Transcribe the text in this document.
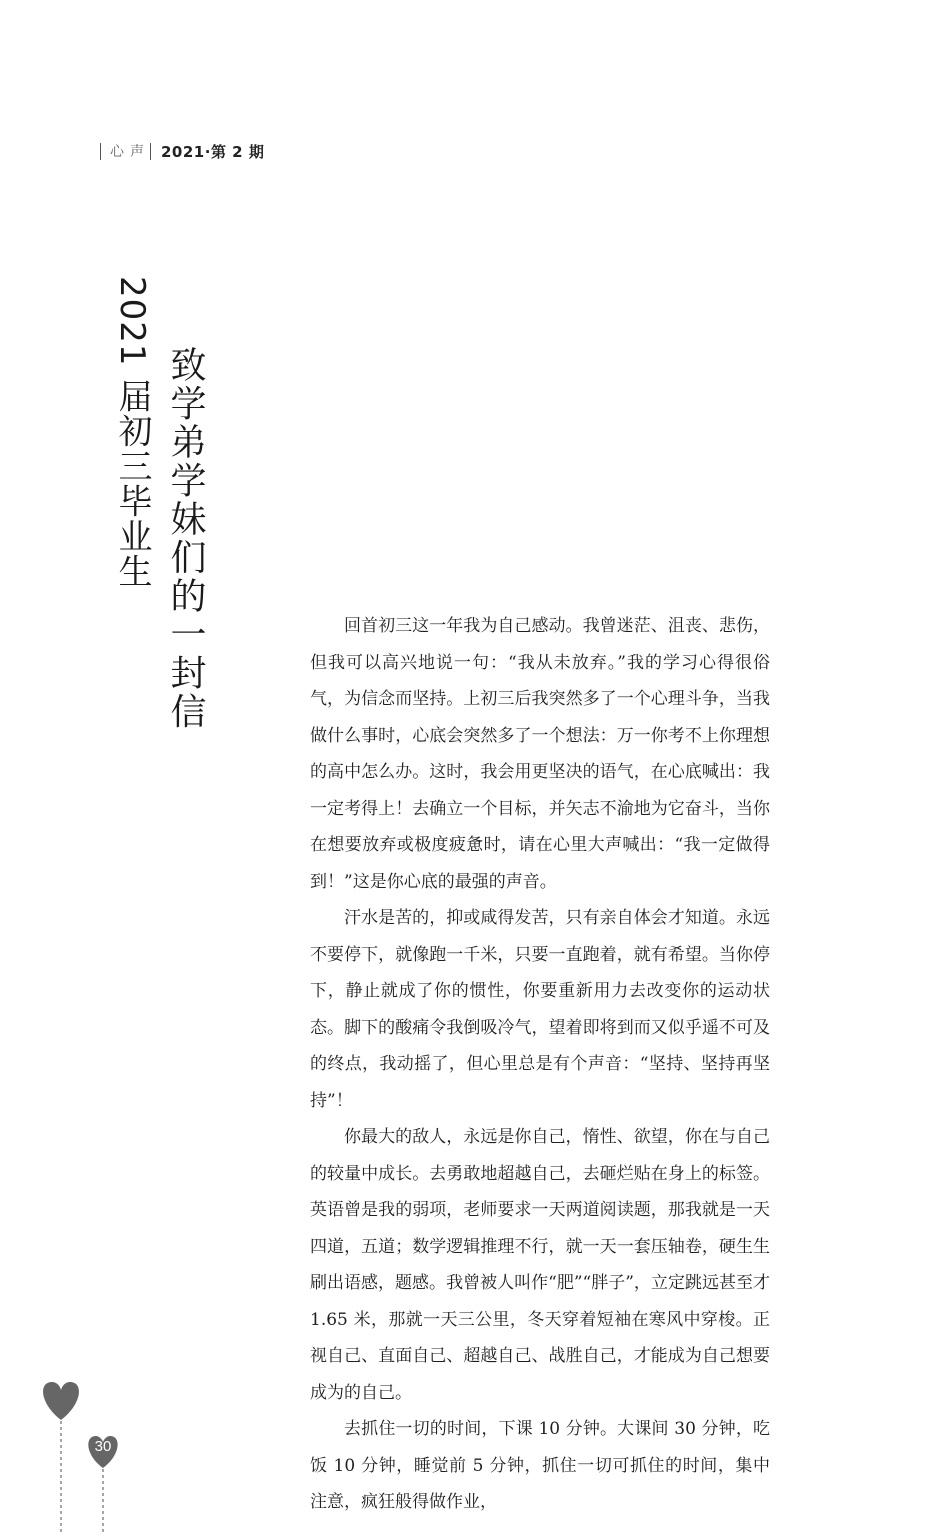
心声 2021·第 2 期
致学弟学妹们的一封信
2021 届初三毕业生

回首初三这一年我为自己感动。我曾迷茫、沮丧、悲伤，但我可以高兴地说一句：“我从未放弃。”我的学习心得很俗气，为信念而坚持。上初三后我突然多了一个心理斗争，当我做什么事时，心底会突然多了一个想法：万一你考不上你理想的高中怎么办。这时，我会用更坚决的语气，在心底喊出：我一定考得上！去确立一个目标，并矢志不渝地为它奋斗，当你在想要放弃或极度疲惫时，请在心里大声喊出：“我一定做得到！”这是你心底的最强的声音。

汗水是苦的，抑或咸得发苦，只有亲自体会才知道。永远不要停下，就像跑一千米，只要一直跑着，就有希望。当你停下，静止就成了你的惯性，你要重新用力去改变你的运动状态。脚下的酸痛令我倒吸冷气，望着即将到而又似乎遥不可及的终点，我动摇了，但心里总是有个声音：“坚持、坚持再坚持”！

你最大的敌人，永远是你自己，惰性、欲望，你在与自己的较量中成长。去勇敢地超越自己，去砸烂贴在身上的标签。英语曾是我的弱项，老师要求一天两道阅读题，那我就是一天四道，五道；数学逻辑推理不行，就一天一套压轴卷，硬生生刷出语感，题感。我曾被人叫作“肥”“胖子”，立定跳远甚至才 1.65 米，那就一天三公里，冬天穿着短袖在寒风中穿梭。正视自己、直面自己、超越自己、战胜自己，才能成为自己想要成为的自己。

去抓住一切的时间，下课 10 分钟。大课间 30 分钟，吃饭 10 分钟，睡觉前 5 分钟，抓住一切可抓住的时间，集中注意，疯狂般得做作业，

30
